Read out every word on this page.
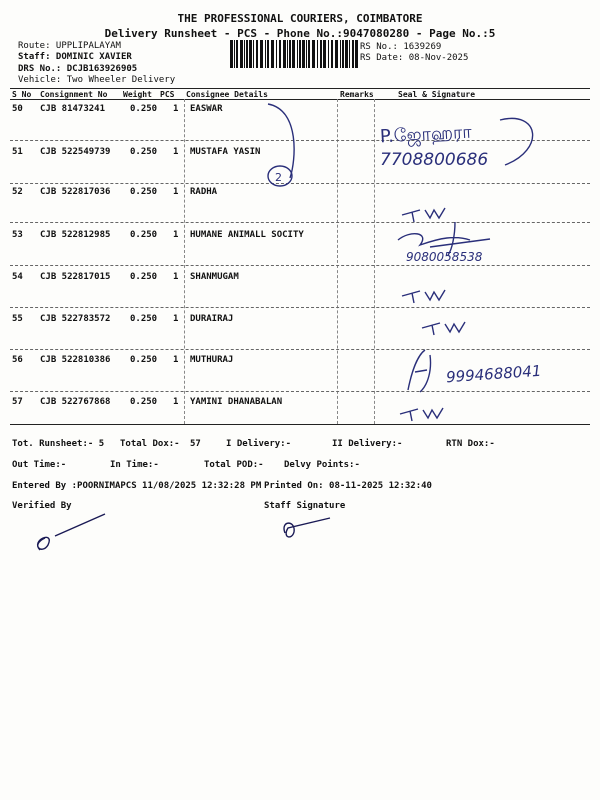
THE PROFESSIONAL COURIERS, COIMBATORE
Delivery Runsheet - PCS - Phone No.:9047080280 - Page No.:5
Route: UPPLIPALAYAM
Staff: DOMINIC XAVIER
DRS No.: DCJB163926905
Vehicle: Two Wheeler Delivery
RS No.: 1639269
RS Date: 08-Nov-2025
S No Consignment No Weight PCS Consignee Details	Remarks	Seal & Signature
50 CJB 81473241	0.250 1 EASWAR
51 CJB 522549739 0.250 1 MUSTAFA YASIN
52 CJB 522817036 0.250 1 RADHA
53 CJB 522812985 0.250 1 HUMANE ANIMALL SOCITY
54 CJB 522817015 0.250 1 SHANMUGAM
55 CJB 522783572 0.250 1 DURAIRAJ
56 CJB 522810386 0.250 1 MUTHURAJ
57 CJB 522767868 0.250 1 YAMINI DHANABALAN
2
P.ஜோஹரா
7708800686
9080058538
9994688041
Tot. Runsheet:- 5 Total Dox:- 57	I Delivery:-	II Delivery:-	RTN Dox:-
Out Time:-	In Time:-	Total POD:- Delvy Points:-
Entered By :POORNIMAPCS 11/08/2025 12:32:28 PM Printed On: 08-11-2025 12:32:40
Verified By	Staff Signature
